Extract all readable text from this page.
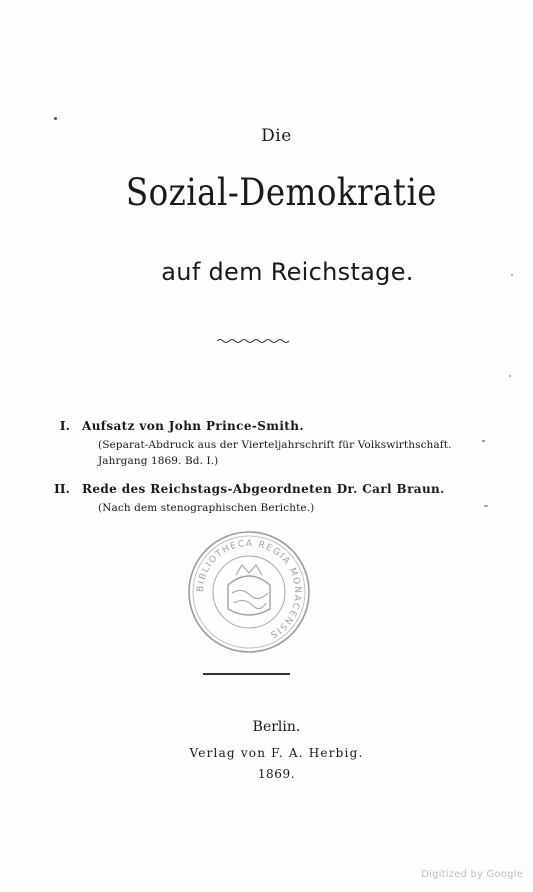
Die
Sozial-Demokratie
auf dem Reichstage.
I. Aufsatz von John Prince-Smith.
(Separat-Abdruck aus der Vierteljahrschrift für Volkswirthschaft.
Jahrgang 1869. Bd. I.)
II. Rede des Reichstags-Abgeordneten Dr. Carl Braun.
(Nach dem stenographischen Berichte.)
BIBLIOTHECA REGIA MONACENSIS
Berlin.
Verlag von F. A. Herbig.
1869.
Digitized by Google
